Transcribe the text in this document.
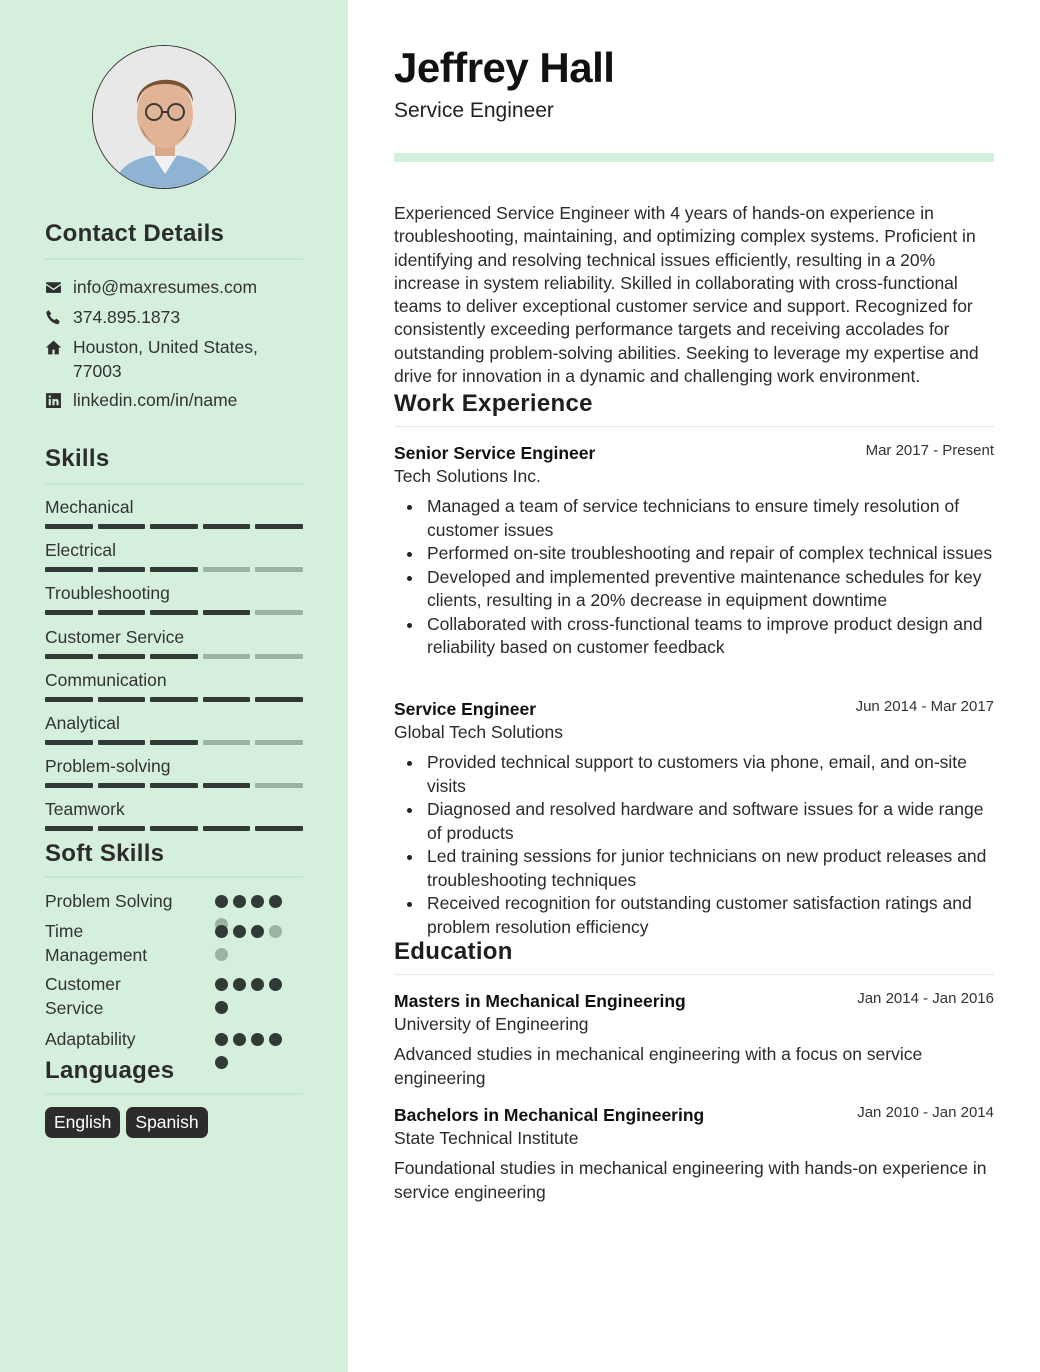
Contact Details
info@maxresumes.com
374.895.1873
Houston, United States, 77003
linkedin.com/in/name
Skills
Mechanical
Electrical
Troubleshooting
Customer Service
Communication
Analytical
Problem-solving
Teamwork
Soft Skills
Problem Solving
Time Management
Customer Service
Adaptability
Languages
English	Spanish
Jeffrey Hall
Service Engineer
Experienced Service Engineer with 4 years of hands-on experience in troubleshooting, maintaining, and optimizing complex systems. Proficient in identifying and resolving technical issues efficiently, resulting in a 20% increase in system reliability. Skilled in collaborating with cross-functional teams to deliver exceptional customer service and support. Recognized for consistently exceeding performance targets and receiving accolades for outstanding problem-solving abilities. Seeking to leverage my expertise and drive for innovation in a dynamic and challenging work environment.
Work Experience
Senior Service Engineer	Mar 2017 - Present
Tech Solutions Inc.
Managed a team of service technicians to ensure timely resolution of customer issues
Performed on-site troubleshooting and repair of complex technical issues
Developed and implemented preventive maintenance schedules for key clients, resulting in a 20% decrease in equipment downtime
Collaborated with cross-functional teams to improve product design and reliability based on customer feedback
Service Engineer	Jun 2014 - Mar 2017
Global Tech Solutions
Provided technical support to customers via phone, email, and on-site visits
Diagnosed and resolved hardware and software issues for a wide range of products
Led training sessions for junior technicians on new product releases and troubleshooting techniques
Received recognition for outstanding customer satisfaction ratings and problem resolution efficiency
Education
Masters in Mechanical Engineering	Jan 2014 - Jan 2016
University of Engineering
Advanced studies in mechanical engineering with a focus on service engineering
Bachelors in Mechanical Engineering	Jan 2010 - Jan 2014
State Technical Institute
Foundational studies in mechanical engineering with hands-on experience in service engineering
